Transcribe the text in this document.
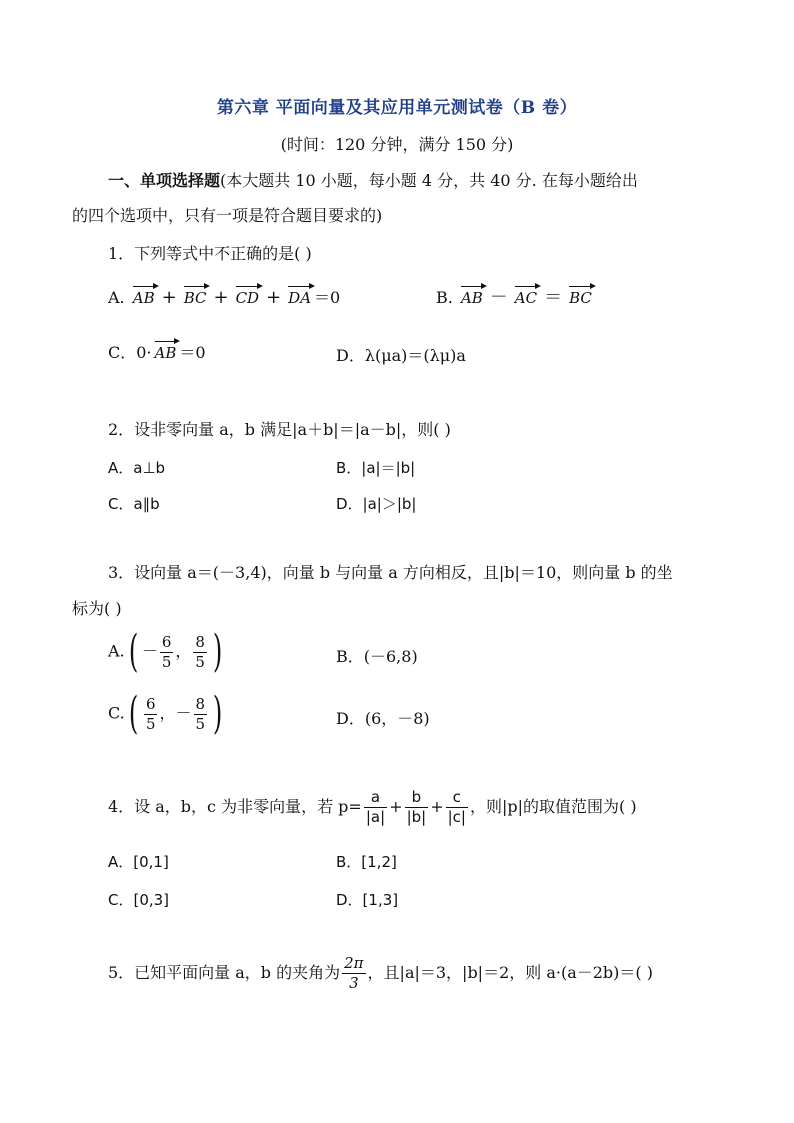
第六章 平面向量及其应用单元测试卷（B 卷）
(时间：120 分钟，满分 150 分)
一、单项选择题(本大题共 10 小题，每小题 4 分，共 40 分. 在每小题给出
的四个选项中，只有一项是符合题目要求的)
1．下列等式中不正确的是( )
A. AB + BC + CD + DA ＝0	B. AB － AC ＝ BC
C．0· AB ＝0	D．λ(μa)＝(λμ)a
2．设非零向量 a，b 满足|a＋b|＝|a－b|，则( )
A．a⊥b	B．|a|＝|b|
C．a∥b	D．|a|＞|b|
3．设向量 a＝(－3,4)，向量 b 与向量 a 方向相反，且|b|＝10，则向量 b 的坐
标为( )
$A.( - \frac{6}{5}$ ， $\frac{8}{5}$ )	B．(－6,8)
$C.( \frac{6}{5}$ ，－ $\frac{8}{5}$ )	D．(6，－8)
4．设 a，b，c 为非零向量，若 $p= \frac{a}{|a|} + \frac{b}{|b|} + \frac{c}{|c|}$ ，则|p|的取值范围为( )
A．[0,1]	B．[1,2]
C．[0,3]	D．[1,3]
5．已知平面向量 a，b 的夹角为 $\frac{2\pi}{3}$ ，且|a|＝3，|b|＝2，则 a·(a－2b)＝( )
